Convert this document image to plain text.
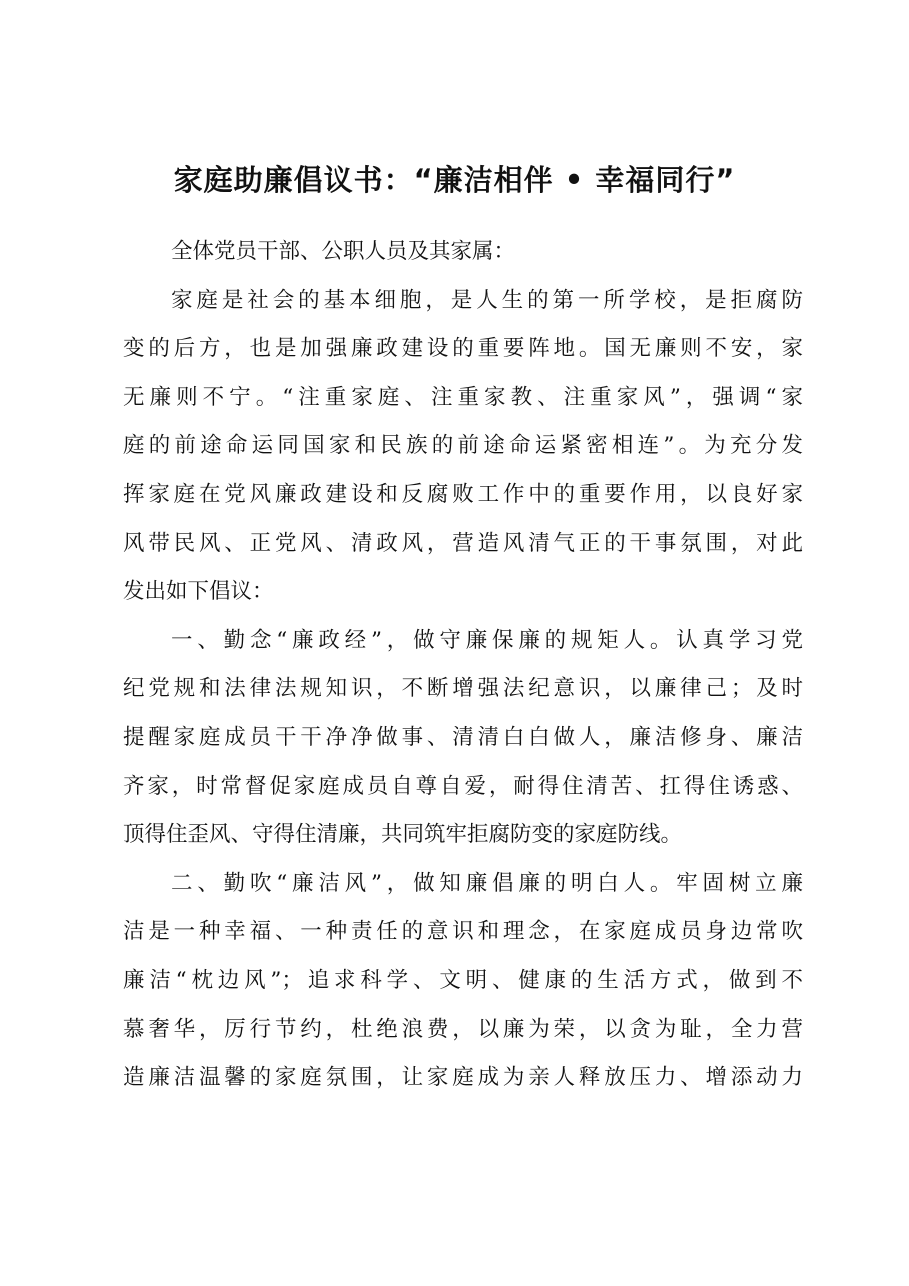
家庭助廉倡议书：“廉洁相伴 • 幸福同行”
全体党员干部、公职人员及其家属：
家庭是社会的基本细胞，是人生的第一所学校，是拒腐防
变的后方，也是加强廉政建设的重要阵地。国无廉则不安，家
无廉则不宁。“注重家庭、注重家教、注重家风”，强调“家
庭的前途命运同国家和民族的前途命运紧密相连”。为充分发
挥家庭在党风廉政建设和反腐败工作中的重要作用，以良好家
风带民风、正党风、清政风，营造风清气正的干事氛围，对此
发出如下倡议：
一、勤念“廉政经”，做守廉保廉的规矩人。认真学习党
纪党规和法律法规知识，不断增强法纪意识，以廉律己；及时
提醒家庭成员干干净净做事、清清白白做人，廉洁修身、廉洁
齐家，时常督促家庭成员自尊自爱，耐得住清苦、扛得住诱惑、
顶得住歪风、守得住清廉，共同筑牢拒腐防变的家庭防线。
二、勤吹“廉洁风”，做知廉倡廉的明白人。牢固树立廉
洁是一种幸福、一种责任的意识和理念，在家庭成员身边常吹
廉洁“枕边风”；追求科学、文明、健康的生活方式，做到不
慕奢华，厉行节约，杜绝浪费，以廉为荣，以贪为耻，全力营
造廉洁温馨的家庭氛围，让家庭成为亲人释放压力、增添动力
